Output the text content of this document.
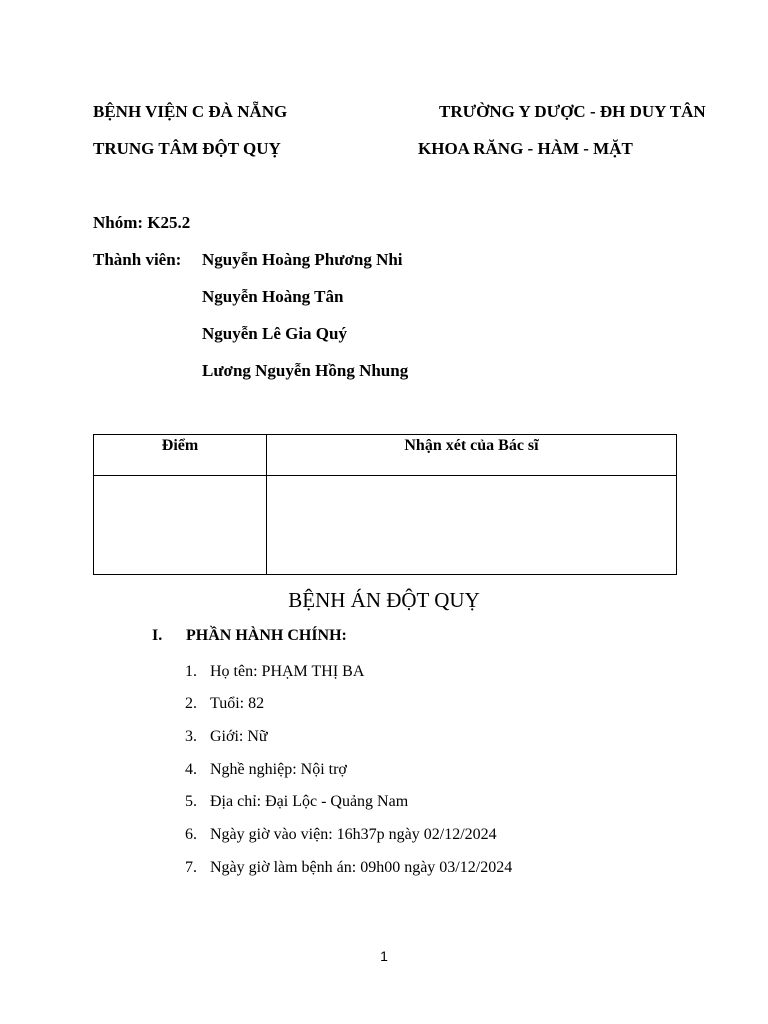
BỆNH VIỆN C ĐÀ NẴNG
TRUNG TÂM ĐỘT QUỴ
TRƯỜNG Y DƯỢC - ĐH DUY TÂN
KHOA RĂNG - HÀM - MẶT
Nhóm: K25.2
Thành viên: Nguyễn Hoàng Phương Nhi
Nguyễn Hoàng Tân
Nguyễn Lê Gia Quý
Lương Nguyễn Hồng Nhung
Điểm	Nhận xét của Bác sĩ

BỆNH ÁN ĐỘT QUỴ
I. PHẦN HÀNH CHÍNH:
1. Họ tên: PHẠM THỊ BA
2. Tuổi: 82
3. Giới: Nữ
4. Nghề nghiệp: Nội trợ
5. Địa chỉ: Đại Lộc - Quảng Nam
6. Ngày giờ vào viện: 16h37p ngày 02/12/2024
7. Ngày giờ làm bệnh án: 09h00 ngày 03/12/2024
1
